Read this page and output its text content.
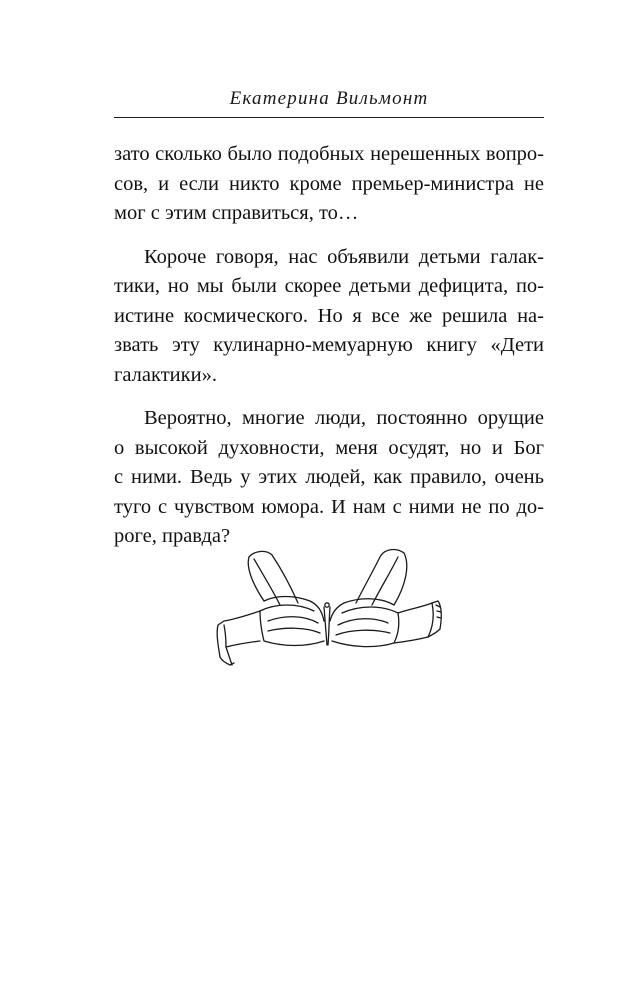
Екатерина Вильмонт

зато сколько было подобных нерешенных вопро-
сов, и если никто кроме премьер-министра не
мог с этим справиться, то…

Короче говоря, нас объявили детьми галак-
тики, но мы были скорее детьми дефицита, по-
истине космического. Но я все же решила на-
звать эту кулинарно-мемуарную книгу «Дети
галактики».

Вероятно, многие люди, постоянно орущие
о высокой духовности, меня осудят, но и Бог
с ними. Ведь у этих людей, как правило, очень
туго с чувством юмора. И нам с ними не по до-
роге, правда?
